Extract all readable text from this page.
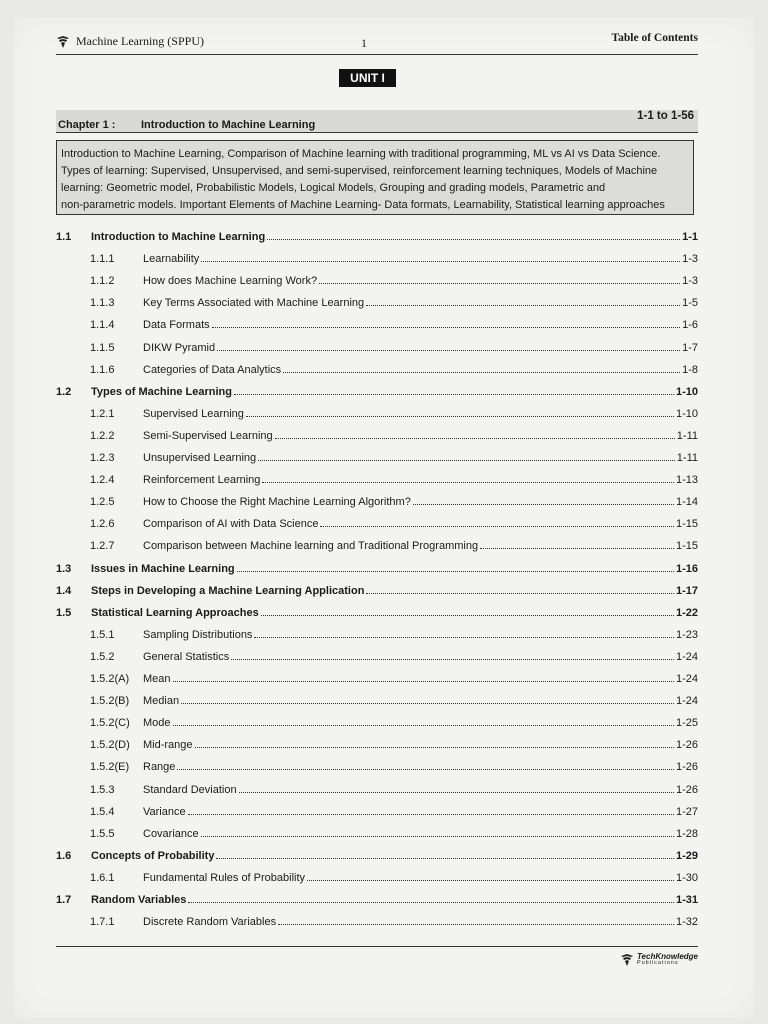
Machine Learning (SPPU)	1	Table of Contents
UNIT I
Chapter 1 : Introduction to Machine Learning
1-1 to 1-56
Introduction to Machine Learning, Comparison of Machine learning with traditional programming, ML vs AI vs Data Science.
Types of learning: Supervised, Unsupervised, and semi-supervised, reinforcement learning techniques, Models of Machine
learning: Geometric model, Probabilistic Models, Logical Models, Grouping and grading models, Parametric and
non-parametric models. Important Elements of Machine Learning- Data formats, Learnability, Statistical learning approaches
1.1	Introduction to Machine Learning	1-1
1.1.1	Learnability	1-3
1.1.2	How does Machine Learning Work?	1-3
1.1.3	Key Terms Associated with Machine Learning	1-5
1.1.4	Data Formats	1-6
1.1.5	DIKW Pyramid	1-7
1.1.6	Categories of Data Analytics	1-8
1.2	Types of Machine Learning	1-10
1.2.1	Supervised Learning	1-10
1.2.2	Semi-Supervised Learning	1-11
1.2.3	Unsupervised Learning	1-11
1.2.4	Reinforcement Learning	1-13
1.2.5	How to Choose the Right Machine Learning Algorithm?	1-14
1.2.6	Comparison of AI with Data Science	1-15
1.2.7	Comparison between Machine learning and Traditional Programming	1-15
1.3	Issues in Machine Learning	1-16
1.4	Steps in Developing a Machine Learning Application	1-17
1.5	Statistical Learning Approaches	1-22
1.5.1	Sampling Distributions	1-23
1.5.2	General Statistics	1-24
1.5.2(A) Mean	1-24
1.5.2(B) Median	1-24
1.5.2(C) Mode	1-25
1.5.2(D) Mid-range	1-26
1.5.2(E) Range	1-26
1.5.3	Standard Deviation	1-26
1.5.4	Variance	1-27
1.5.5	Covariance	1-28
1.6	Concepts of Probability	1-29
1.6.1	Fundamental Rules of Probability	1-30
1.7	Random Variables	1-31
1.7.1	Discrete Random Variables	1-32
TechKnowledge
Publications
